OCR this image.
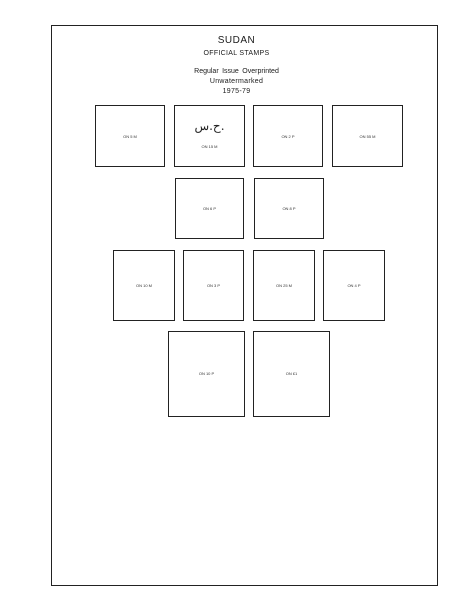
SUDAN
OFFICIAL STAMPS
Regular Issue Overprinted
Unwatermarked
1975-79
ON 5 M
ح.س.
ON 15 M
ON 2 P	ON 55 M
ON 6 P	ON 8 P
ON 10 M	ON 3 P	ON 25 M	ON 4 P
ON 10 P	ON £1
